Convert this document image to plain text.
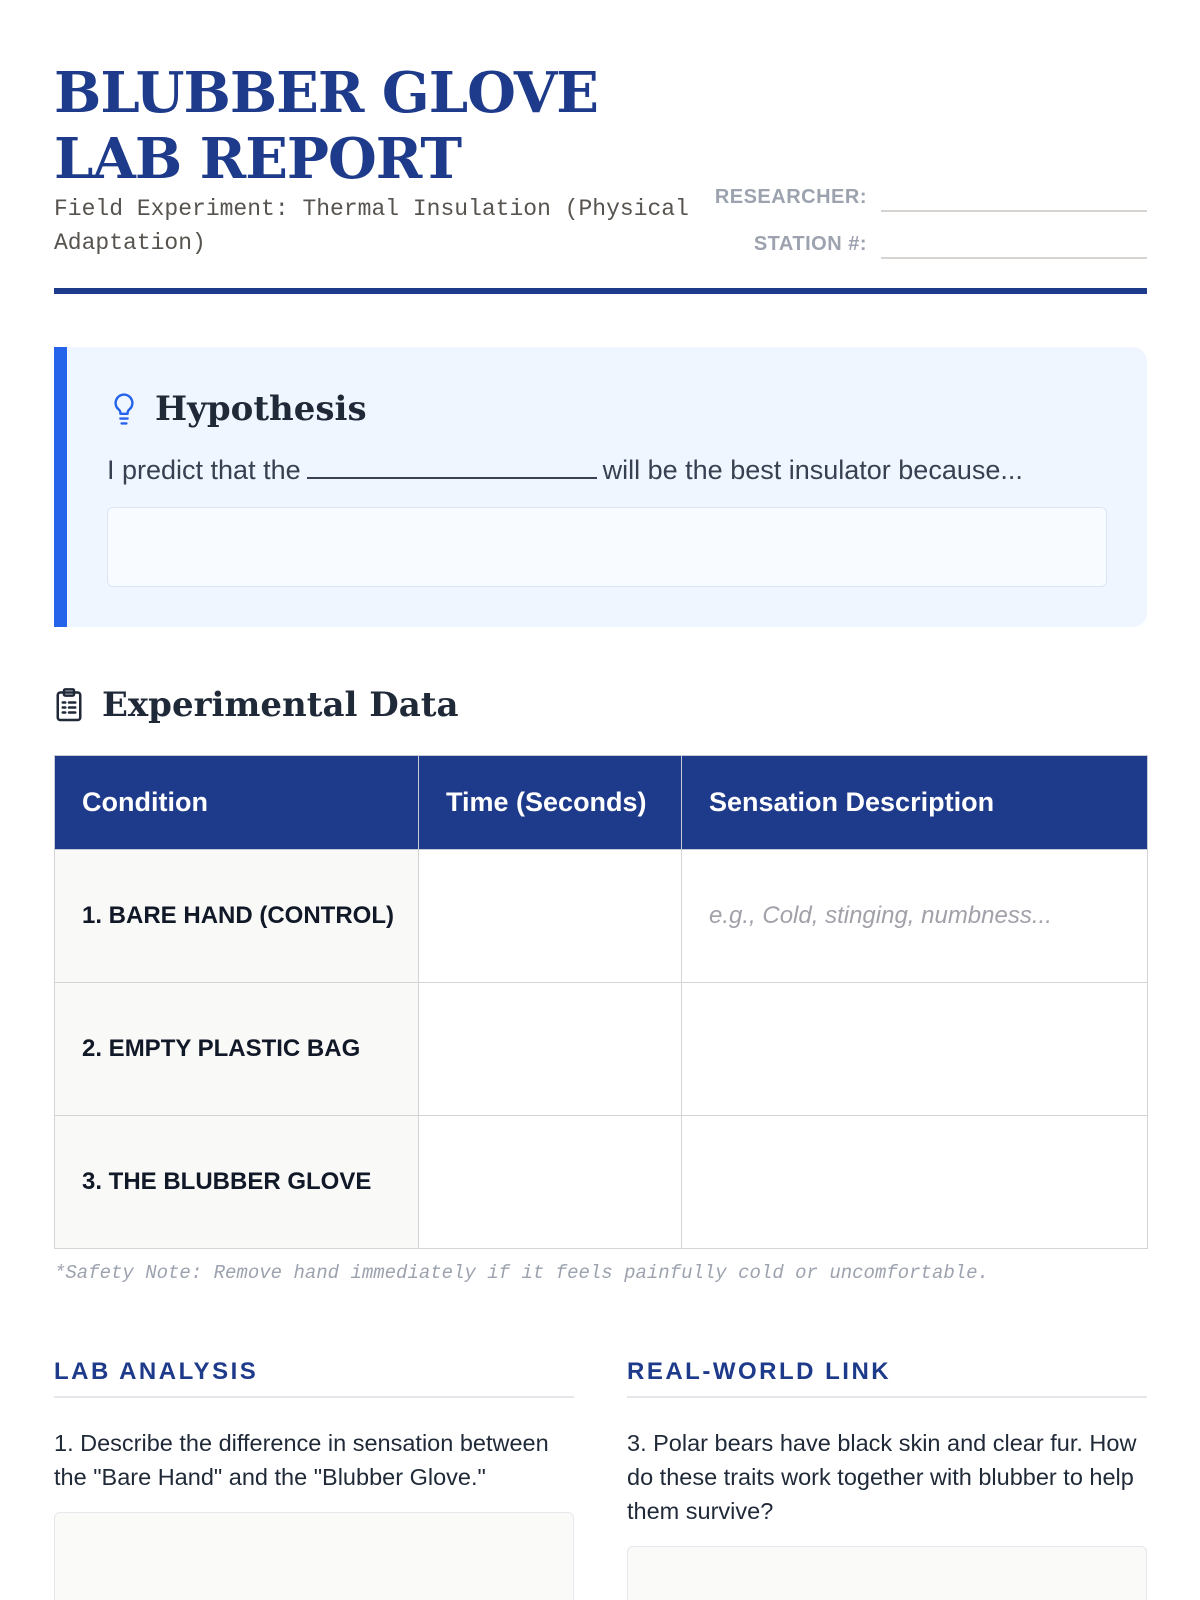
BLUBBER GLOVE LAB REPORT
Field Experiment: Thermal Insulation (Physical Adaptation)
RESEARCHER:
STATION #:
Hypothesis
I predict that the	will be the best insulator because...
Experimental Data
Condition	Time (Seconds)	Sensation Description
1. BARE HAND (CONTROL)		e.g., Cold, stinging, numbness...
2. EMPTY PLASTIC BAG		
3. THE BLUBBER GLOVE		
*Safety Note: Remove hand immediately if it feels painfully cold or uncomfortable.
LAB ANALYSIS

1. Describe the difference in sensation between the "Bare Hand" and the "Blubber Glove."

REAL-WORLD LINK

3. Polar bears have black skin and clear fur. How do these traits work together with blubber to help them survive?
